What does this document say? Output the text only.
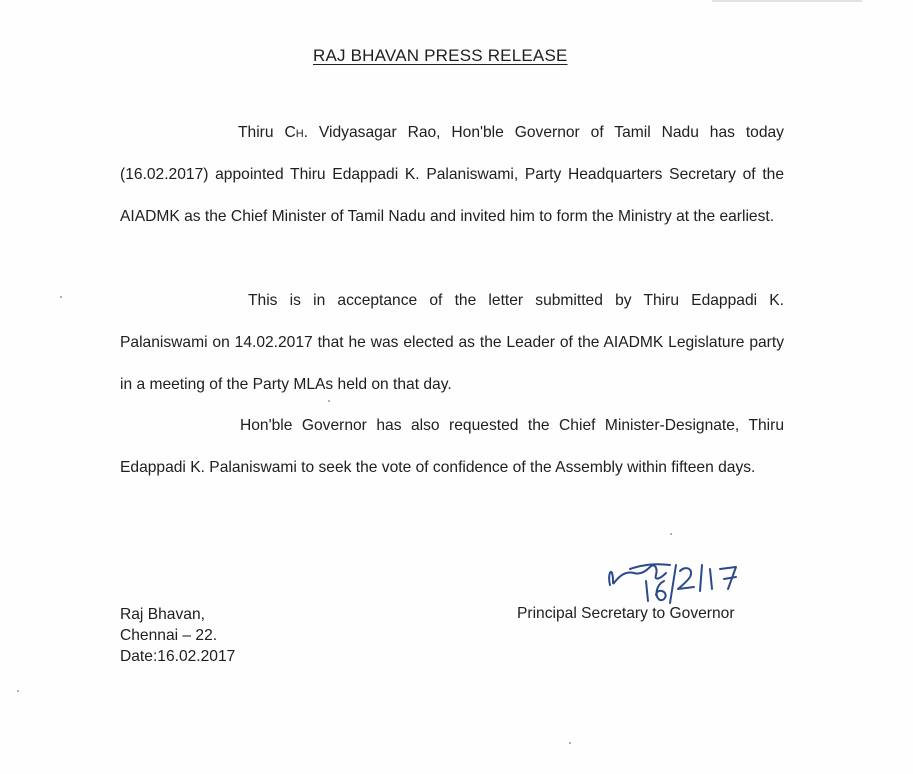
RAJ BHAVAN PRESS RELEASE
Thiru Ch. Vidyasagar Rao, Hon'ble Governor of Tamil Nadu has today (16.02.2017) appointed Thiru Edappadi K. Palaniswami, Party Headquarters Secretary of the AIADMK as the Chief Minister of Tamil Nadu and invited him to form the Ministry at the earliest.
This is in acceptance of the letter submitted by Thiru Edappadi K. Palaniswami on 14.02.2017 that he was elected as the Leader of the AIADMK Legislature party in a meeting of the Party MLAs held on that day.
Hon'ble Governor has also requested the Chief Minister-Designate, Thiru Edappadi K. Palaniswami to seek the vote of confidence of the Assembly within fifteen days.
Principal Secretary to Governor
Raj Bhavan,
Chennai – 22.
Date:16.02.2017
